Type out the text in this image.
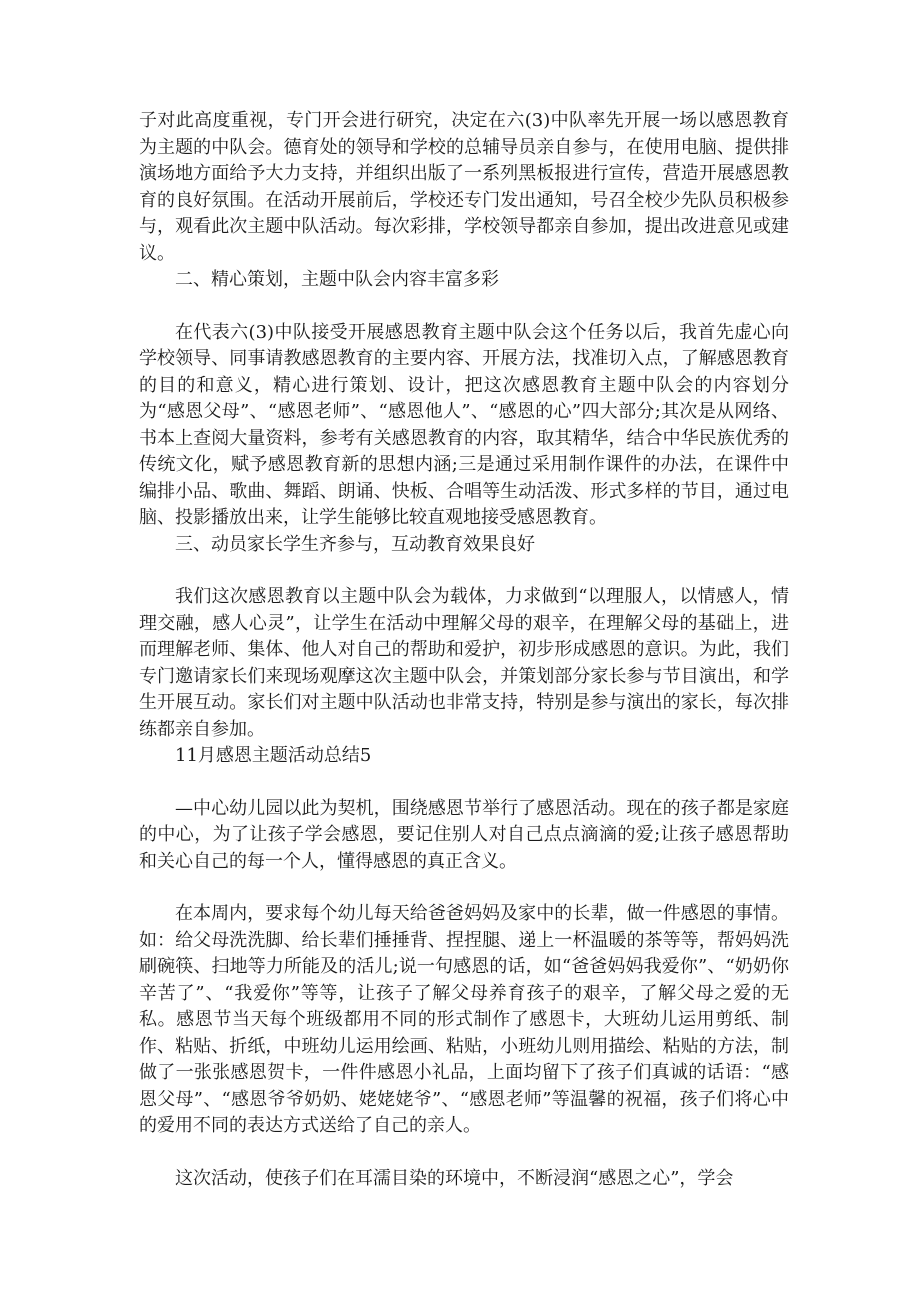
子对此高度重视，专门开会进行研究，决定在六(3)中队率先开展一场以感恩教育为主题的中队会。德育处的领导和学校的总辅导员亲自参与，在使用电脑、提供排演场地方面给予大力支持，并组织出版了一系列黑板报进行宣传，营造开展感恩教育的良好氛围。在活动开展前后，学校还专门发出通知，号召全校少先队员积极参与，观看此次主题中队活动。每次彩排，学校领导都亲自参加，提出改进意见或建议。

二、精心策划，主题中队会内容丰富多彩

在代表六(3)中队接受开展感恩教育主题中队会这个任务以后，我首先虚心向学校领导、同事请教感恩教育的主要内容、开展方法，找准切入点，了解感恩教育的目的和意义，精心进行策划、设计，把这次感恩教育主题中队会的内容划分为“感恩父母”、“感恩老师”、“感恩他人”、“感恩的心”四大部分;其次是从网络、书本上查阅大量资料，参考有关感恩教育的内容，取其精华，结合中华民族优秀的传统文化，赋予感恩教育新的思想内涵;三是通过采用制作课件的办法，在课件中编排小品、歌曲、舞蹈、朗诵、快板、合唱等生动活泼、形式多样的节目，通过电脑、投影播放出来，让学生能够比较直观地接受感恩教育。

三、动员家长学生齐参与，互动教育效果良好

我们这次感恩教育以主题中队会为载体，力求做到“以理服人，以情感人，情理交融，感人心灵”，让学生在活动中理解父母的艰辛，在理解父母的基础上，进而理解老师、集体、他人对自己的帮助和爱护，初步形成感恩的意识。为此，我们专门邀请家长们来现场观摩这次主题中队会，并策划部分家长参与节目演出，和学生开展互动。家长们对主题中队活动也非常支持，特别是参与演出的家长，每次排练都亲自参加。

11月感恩主题活动总结5

—中心幼儿园以此为契机，围绕感恩节举行了感恩活动。现在的孩子都是家庭的中心，为了让孩子学会感恩，要记住别人对自己点点滴滴的爱;让孩子感恩帮助和关心自己的每一个人，懂得感恩的真正含义。

在本周内，要求每个幼儿每天给爸爸妈妈及家中的长辈，做一件感恩的事情。如：给父母洗洗脚、给长辈们捶捶背、捏捏腿、递上一杯温暖的茶等等，帮妈妈洗刷碗筷、扫地等力所能及的活儿;说一句感恩的话，如“爸爸妈妈我爱你”、“奶奶你辛苦了”、“我爱你”等等，让孩子了解父母养育孩子的艰辛，了解父母之爱的无私。感恩节当天每个班级都用不同的形式制作了感恩卡，大班幼儿运用剪纸、制作、粘贴、折纸，中班幼儿运用绘画、粘贴，小班幼儿则用描绘、粘贴的方法，制做了一张张感恩贺卡，一件件感恩小礼品，上面均留下了孩子们真诚的话语：“感恩父母”、“感恩爷爷奶奶、姥姥姥爷”、“感恩老师”等温馨的祝福，孩子们将心中的爱用不同的表达方式送给了自己的亲人。

这次活动，使孩子们在耳濡目染的环境中，不断浸润“感恩之心”，学会
